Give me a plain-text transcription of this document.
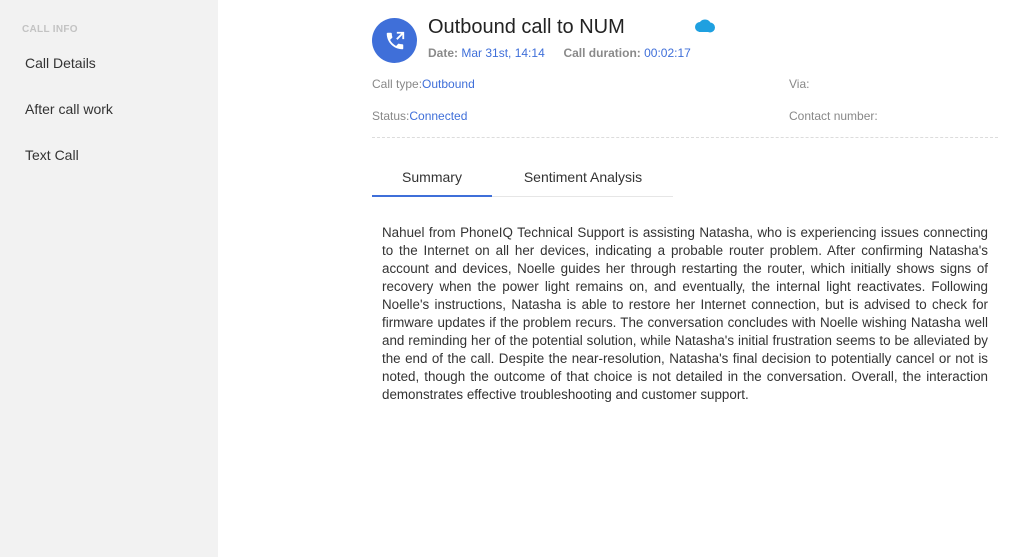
CALL INFO
Call Details
After call work
Text Call
Outbound call to NUM
Date: Mar 31st, 14:14 Call duration: 00:02:17
Call type:Outbound	Via:
Status:Connected	Contact number:
Summary	Sentiment Analysis

Nahuel from PhoneIQ Technical Support is assisting Natasha, who is experiencing issues connecting to the Internet on all her devices, indicating a probable router problem. After confirming Natasha's account and devices, Noelle guides her through restarting the router, which initially shows signs of recovery when the power light remains on, and eventually, the internal light reactivates. Following Noelle's instructions, Natasha is able to restore her Internet connection, but is advised to check for firmware updates if the problem recurs. The conversation concludes with Noelle wishing Natasha well and reminding her of the potential solution, while Natasha's initial frustration seems to be alleviated by the end of the call. Despite the near-resolution, Natasha's final decision to potentially cancel or not is noted, though the outcome of that choice is not detailed in the conversation. Overall, the interaction demonstrates effective troubleshooting and customer support.
